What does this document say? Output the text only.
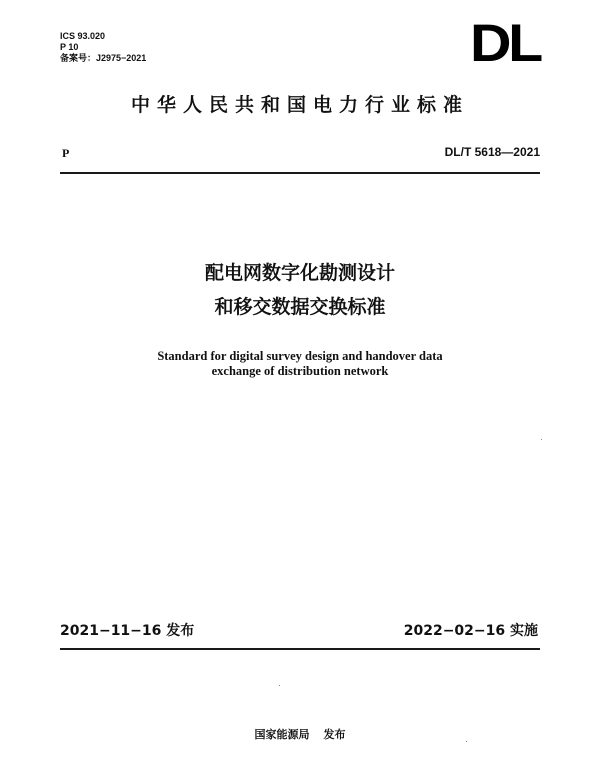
ICS 93.020
P 10
备案号：J2975−2021	DL
中华人民共和国电力行业标准
P	DL/T 5618—2021
配电网数字化勘测设计
和移交数据交换标准
Standard for digital survey design and handover data
exchange of distribution network
2021−11−16 发布	2022−02−16 实施
国家能源局 发布
